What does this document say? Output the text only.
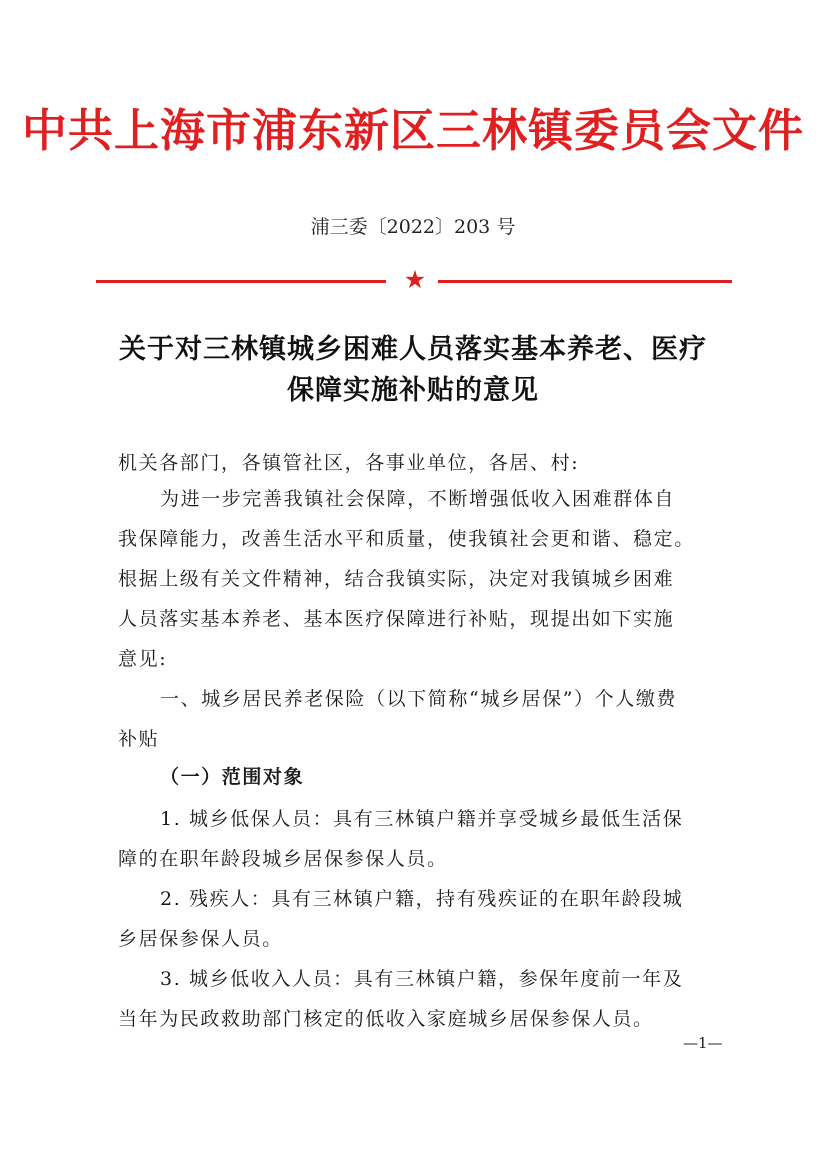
中共上海市浦东新区三林镇委员会文件
浦三委〔2022〕203 号
★
关于对三林镇城乡困难人员落实基本养老、医疗
保障实施补贴的意见
机关各部门，各镇管社区，各事业单位，各居、村:
为进一步完善我镇社会保障，不断增强低收入困难群体自
我保障能力，改善生活水平和质量，使我镇社会更和谐、稳定。
根据上级有关文件精神，结合我镇实际，决定对我镇城乡困难
人员落实基本养老、基本医疗保障进行补贴，现提出如下实施
意见:
一、城乡居民养老保险（以下简称“城乡居保”）个人缴费
补贴
（一）范围对象
1. 城乡低保人员：具有三林镇户籍并享受城乡最低生活保
障的在职年龄段城乡居保参保人员。
2. 残疾人：具有三林镇户籍，持有残疾证的在职年龄段城
乡居保参保人员。
3. 城乡低收入人员：具有三林镇户籍，参保年度前一年及
当年为民政救助部门核定的低收入家庭城乡居保参保人员。
—1—
